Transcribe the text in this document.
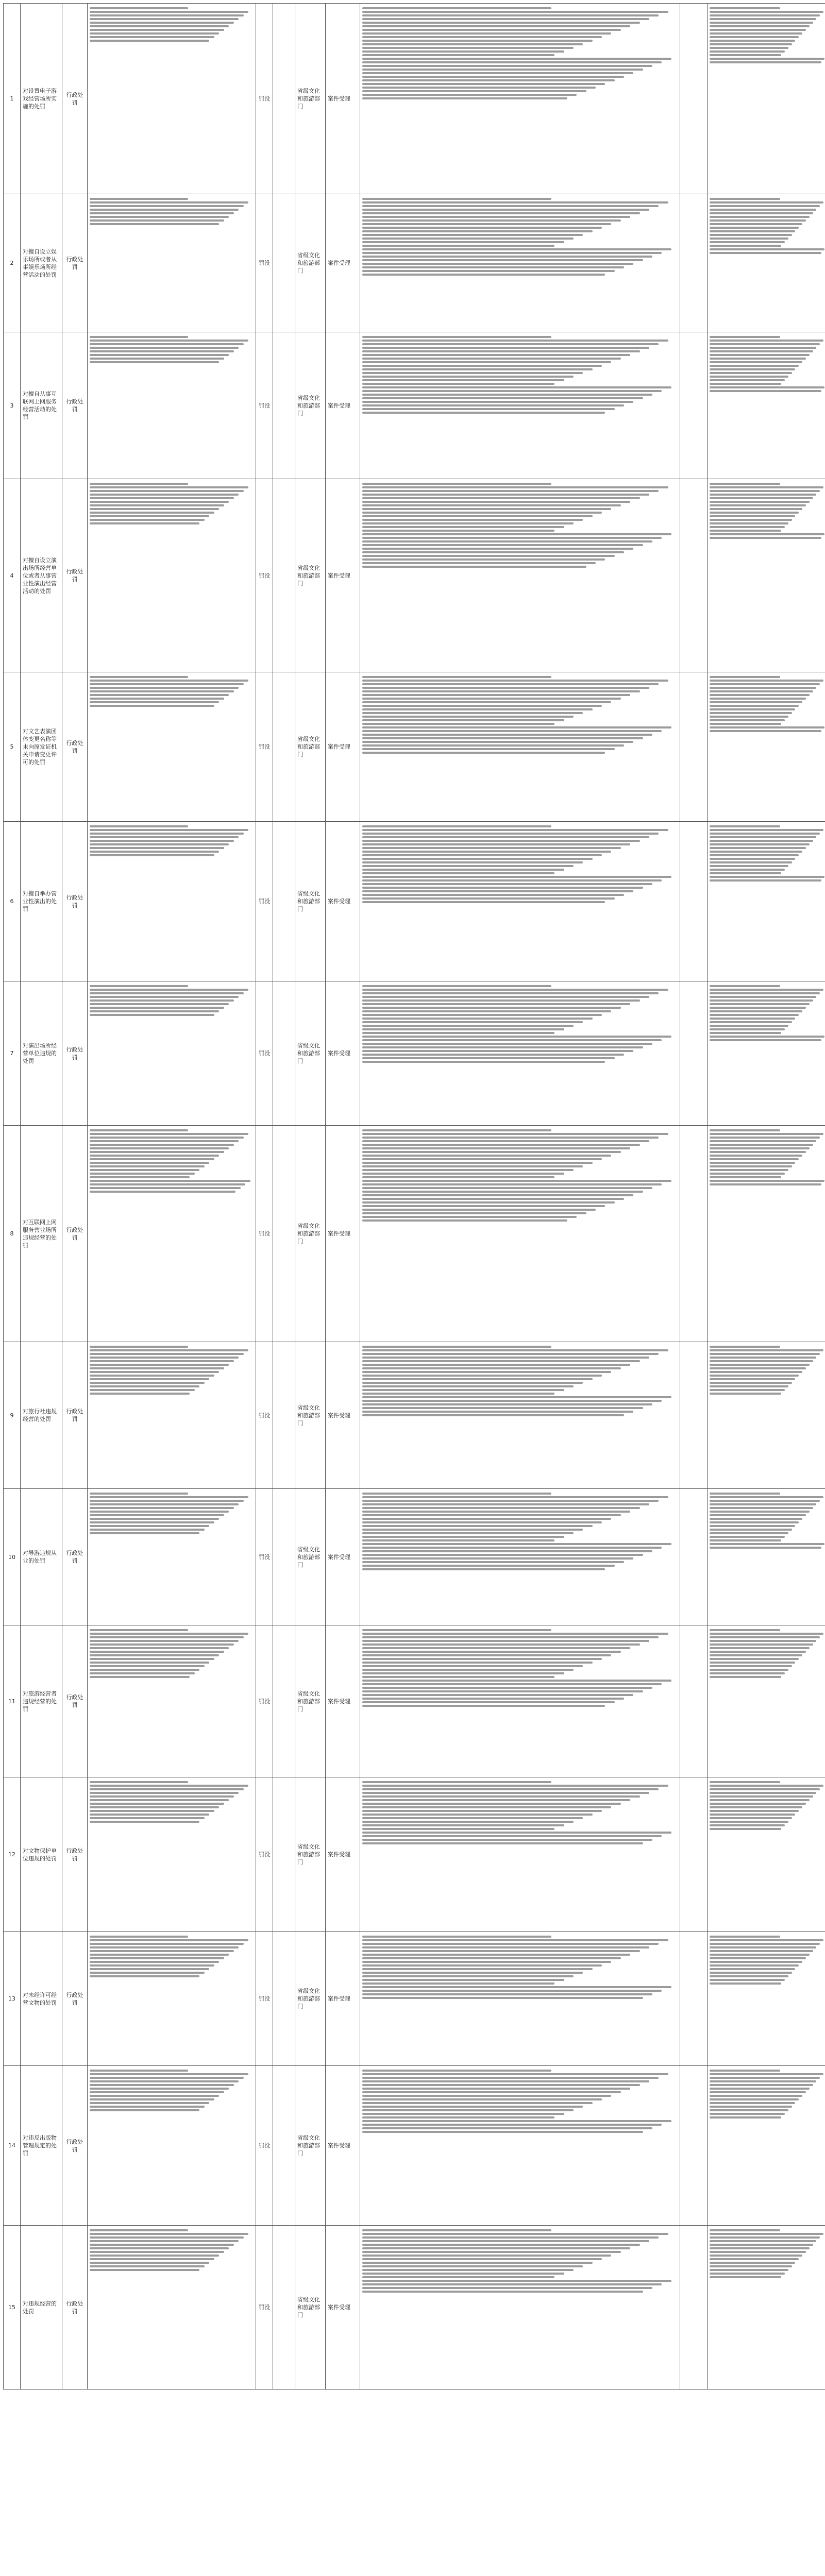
1	对设置电子游戏经营场所实施的处罚	行政处罚		罚没		省级文化和旅游部门	案件受理	

2	对擅自设立娱乐场所或者从事娱乐场所经营活动的处罚	行政处罚		罚没		省级文化和旅游部门	案件受理	

3	对擅自从事互联网上网服务经营活动的处罚	行政处罚		罚没		省级文化和旅游部门	案件受理	

4	对擅自设立演出场所经营单位或者从事营业性演出经营活动的处罚	行政处罚		罚没		省级文化和旅游部门	案件受理	

5	对文艺表演团体变更名称等未向原发证机关申请变更许可的处罚	行政处罚		罚没		省级文化和旅游部门	案件受理	

6	对擅自举办营业性演出的处罚	行政处罚		罚没		省级文化和旅游部门	案件受理	

7	对演出场所经营单位违规的处罚	行政处罚		罚没		省级文化和旅游部门	案件受理	

8	对互联网上网服务营业场所违规经营的处罚	行政处罚		罚没		省级文化和旅游部门	案件受理	

9	对旅行社违规经营的处罚	行政处罚		罚没		省级文化和旅游部门	案件受理	

10	对导游违规从业的处罚	行政处罚		罚没		省级文化和旅游部门	案件受理	

11	对旅游经营者违规经营的处罚	行政处罚		罚没		省级文化和旅游部门	案件受理	

12	对文物保护单位违规的处罚	行政处罚		罚没		省级文化和旅游部门	案件受理	

13	对未经许可经营文物的处罚	行政处罚		罚没		省级文化和旅游部门	案件受理	

14	对违反出版物管理规定的处罚	行政处罚		罚没		省级文化和旅游部门	案件受理	

15	对违规经营的处罚	行政处罚		罚没		省级文化和旅游部门	案件受理	
